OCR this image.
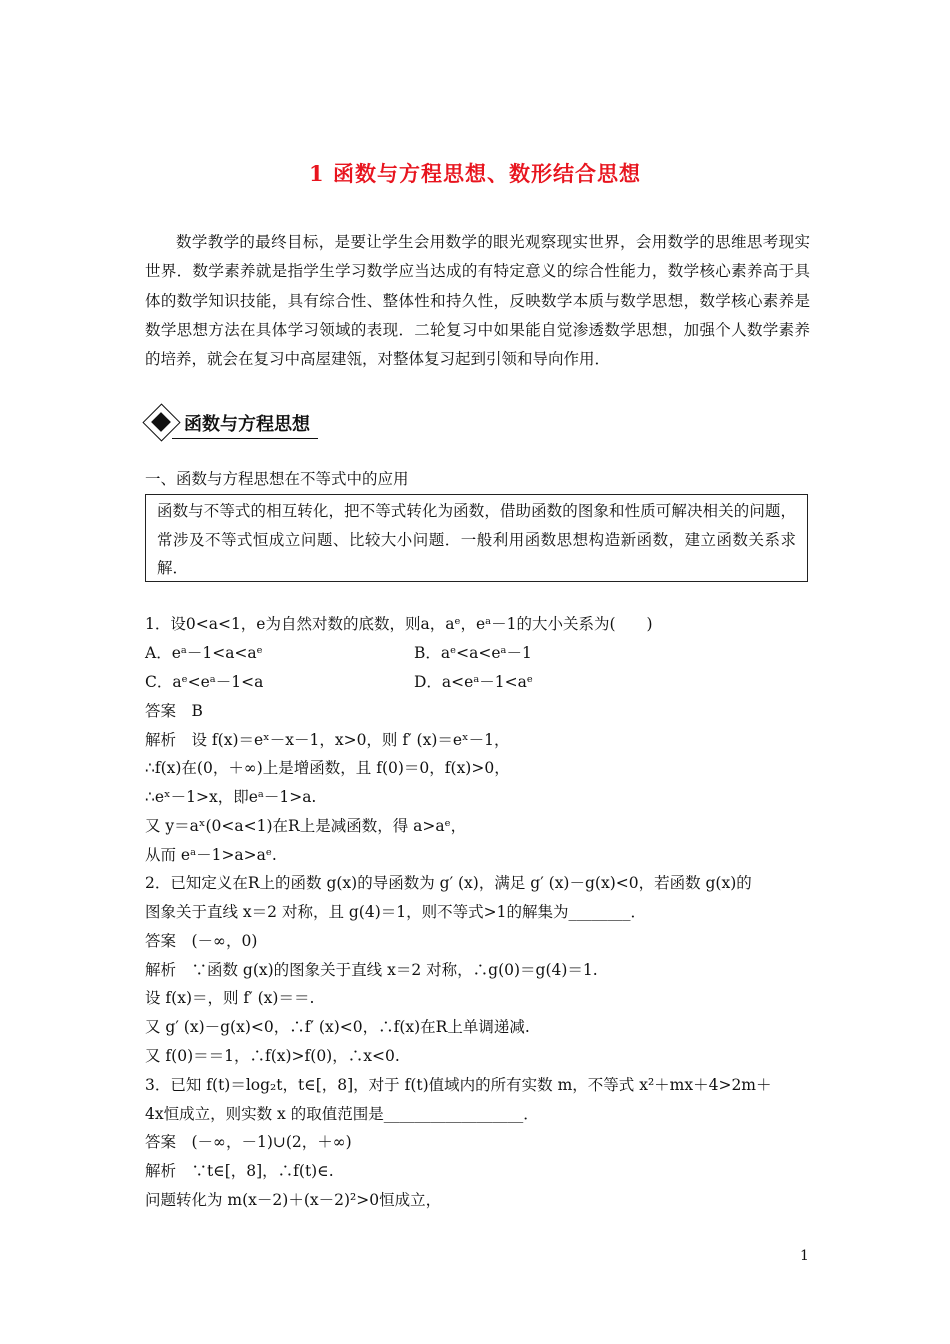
1 函数与方程思想、数形结合思想

数学教学的最终目标，是要让学生会用数学的眼光观察现实世界，会用数学的思维思考现实世界．数学素养就是指学生学习数学应当达成的有特定意义的综合性能力，数学核心素养高于具体的数学知识技能，具有综合性、整体性和持久性，反映数学本质与数学思想，数学核心素养是数学思想方法在具体学习领域的表现．二轮复习中如果能自觉渗透数学思想，加强个人数学素养的培养，就会在复习中高屋建瓴，对整体复习起到引领和导向作用．

函数与方程思想
一、函数与方程思想在不等式中的应用
函数与不等式的相互转化，把不等式转化为函数，借助函数的图象和性质可解决相关的问题，常涉及不等式恒成立问题、比较大小问题．一般利用函数思想构造新函数，建立函数关系求解．
1．设0<a<1，e为自然对数的底数，则a，aᵉ，eᵃ－1的大小关系为(　　)
A．eᵃ－1<a<aᵉ	B．aᵉ<a<eᵃ－1
C．aᵉ<eᵃ－1<a	D．a<eᵃ－1<aᵉ
答案　B
解析　设 f(x)＝eˣ－x－1，x>0，则 f′ (x)＝eˣ－1，
∴f(x)在(0，＋∞)上是增函数，且 f(0)＝0，f(x)>0，
∴eˣ－1>x，即eᵃ－1>a.
又 y＝aˣ(0<a<1)在R上是减函数，得 a>aᵉ，
从而 eᵃ－1>a>aᵉ.
2．已知定义在R上的函数 g(x)的导函数为 g′ (x)，满足 g′ (x)－g(x)<0，若函数 g(x)的
图象关于直线 x＝2 对称，且 g(4)＝1，则不等式>1的解集为________．
答案　(－∞，0)
解析　∵函数 g(x)的图象关于直线 x＝2 对称，∴g(0)＝g(4)＝1.
设 f(x)＝，则 f′ (x)＝＝.
又 g′ (x)－g(x)<0，∴f′ (x)<0，∴f(x)在R上单调递减.
又 f(0)＝＝1，∴f(x)>f(0)，∴x<0.
3．已知 f(t)＝log₂t，t∈[，8]，对于 f(t)值域内的所有实数 m，不等式 x²＋mx＋4>2m＋
4x恒成立，则实数 x 的取值范围是__________________．
答案　(－∞，－1)∪(2，＋∞)
解析　∵t∈[，8]，∴f(t)∈.
问题转化为 m(x－2)＋(x－2)²>0恒成立，
1
